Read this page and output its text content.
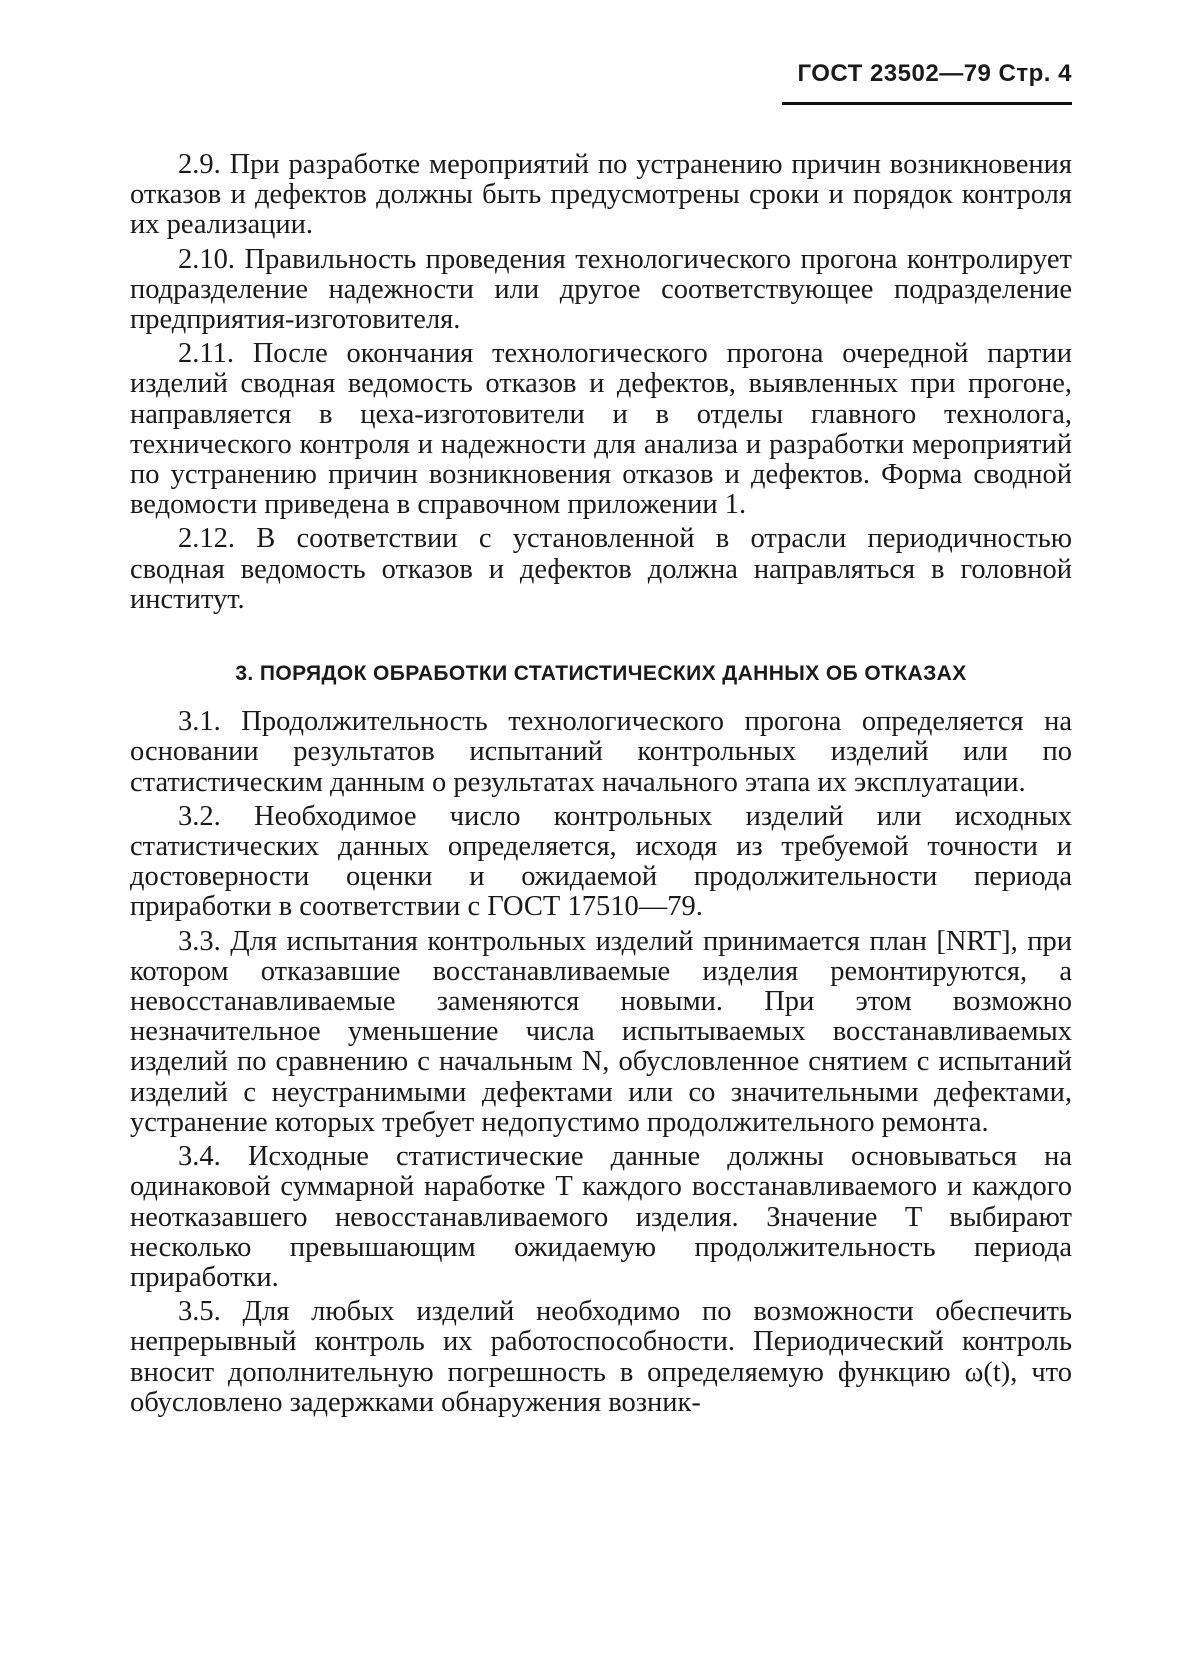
ГОСТ 23502—79 Стр. 4

2.9. При разработке мероприятий по устранению причин возникновения отказов и дефектов должны быть предусмотрены сроки и порядок контроля их реализации.

2.10. Правильность проведения технологического прогона контролирует подразделение надежности или другое соответствующее подразделение предприятия-изготовителя.

2.11. После окончания технологического прогона очередной партии изделий сводная ведомость отказов и дефектов, выявленных при прогоне, направляется в цеха-изготовители и в отделы главного технолога, технического контроля и надежности для анализа и разработки мероприятий по устранению причин возникновения отказов и дефектов. Форма сводной ведомости приведена в справочном приложении 1.

2.12. В соответствии с установленной в отрасли периодичностью сводная ведомость отказов и дефектов должна направляться в головной институт.

3. ПОРЯДОК ОБРАБОТКИ СТАТИСТИЧЕСКИХ ДАННЫХ ОБ ОТКАЗАХ

3.1. Продолжительность технологического прогона определяется на основании результатов испытаний контрольных изделий или по статистическим данным о результатах начального этапа их эксплуатации.

3.2. Необходимое число контрольных изделий или исходных статистических данных определяется, исходя из требуемой точности и достоверности оценки и ожидаемой продолжительности периода приработки в соответствии с ГОСТ 17510—79.

3.3. Для испытания контрольных изделий принимается план [NRT], при котором отказавшие восстанавливаемые изделия ремонтируются, а невосстанавливаемые заменяются новыми. При этом возможно незначительное уменьшение числа испытываемых восстанавливаемых изделий по сравнению с начальным N, обусловленное снятием с испытаний изделий с неустранимыми дефектами или со значительными дефектами, устранение которых требует недопустимо продолжительного ремонта.

3.4. Исходные статистические данные должны основываться на одинаковой суммарной наработке T каждого восстанавливаемого и каждого неотказавшего невосстанавливаемого изделия. Значение T выбирают несколько превышающим ожидаемую продолжительность периода приработки.

3.5. Для любых изделий необходимо по возможности обеспечить непрерывный контроль их работоспособности. Периодический контроль вносит дополнительную погрешность в определяемую функцию ω(t), что обусловлено задержками обнаружения возник-
